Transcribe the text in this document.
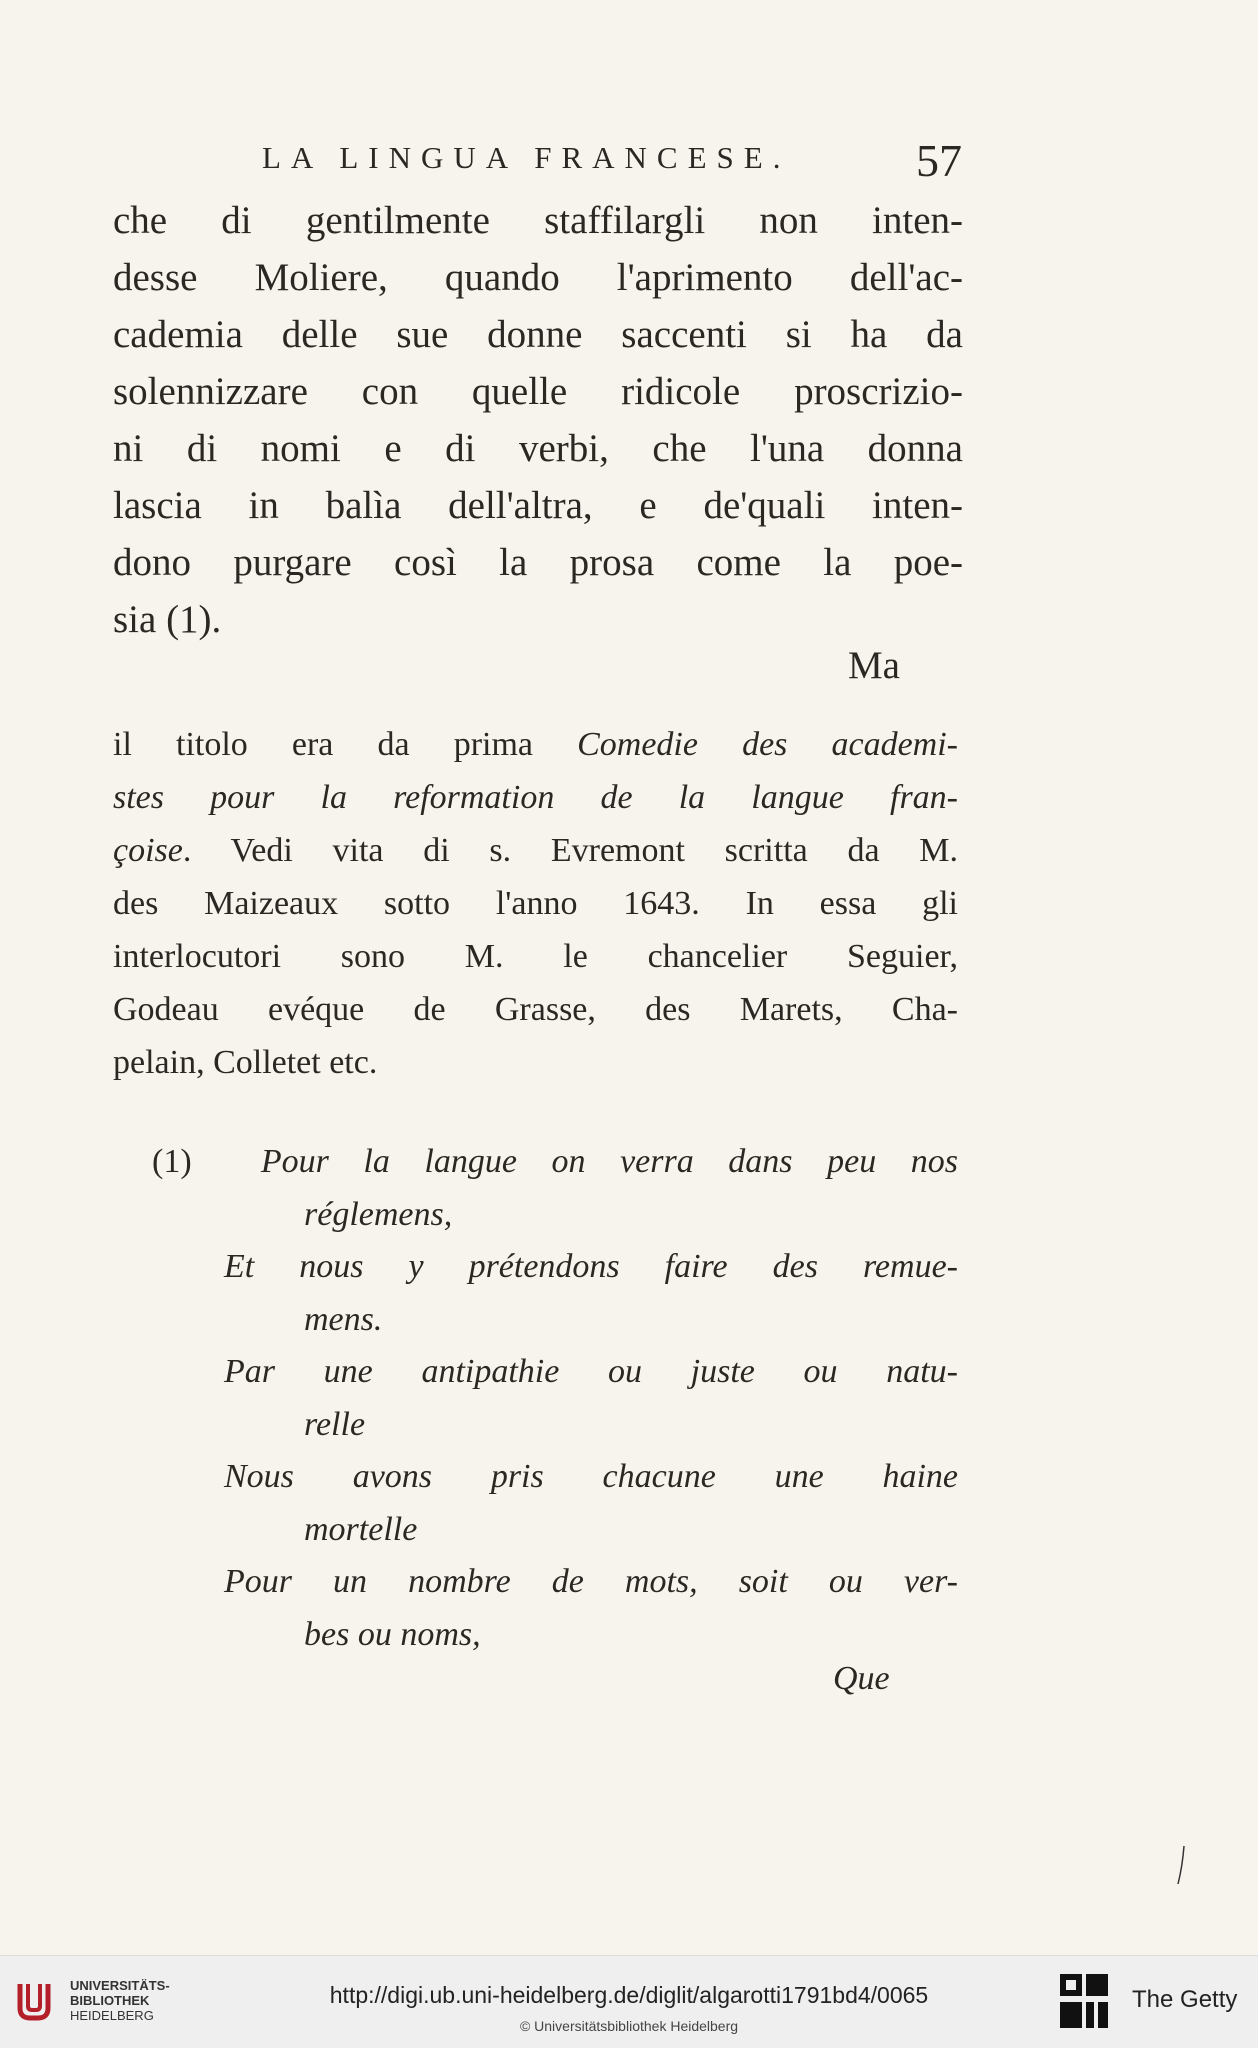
LA LINGUA FRANCESE.	57
che di gentilmente staffilargli non inten-
desse Moliere, quando l'aprimento dell'ac-
cademia delle sue donne saccenti si ha da
solennizzare con quelle ridicole proscrizio-
ni di nomi e di verbi, che l'una donna
lascia in balìa dell'altra, e de'quali inten-
dono purgare così la prosa come la poe-
sia (1).
Ma
il titolo era da prima Comedie des academi-
stes pour la reformation de la langue fran-
çoise. Vedi vita di s. Evremont scritta da M.
des Maizeaux sotto l'anno 1643. In essa gli
interlocutori sono M. le chancelier Seguier,
Godeau evéque de Grasse, des Marets, Cha-
pelain, Colletet etc.
(1) Pour la langue on verra dans peu nos
réglemens,
Et nous y prétendons faire des remue-
mens.
Par une antipathie ou juste ou natu-
relle
Nous avons pris chacune une haine
mortelle
Pour un nombre de mots, soit ou ver-
bes ou noms,
Que
UNIVERSITÄTS-
BIBLIOTHEK
HEIDELBERG
http://digi.ub.uni-heidelberg.de/diglit/algarotti1791bd4/0065
© Universitätsbibliothek Heidelberg
The Getty
